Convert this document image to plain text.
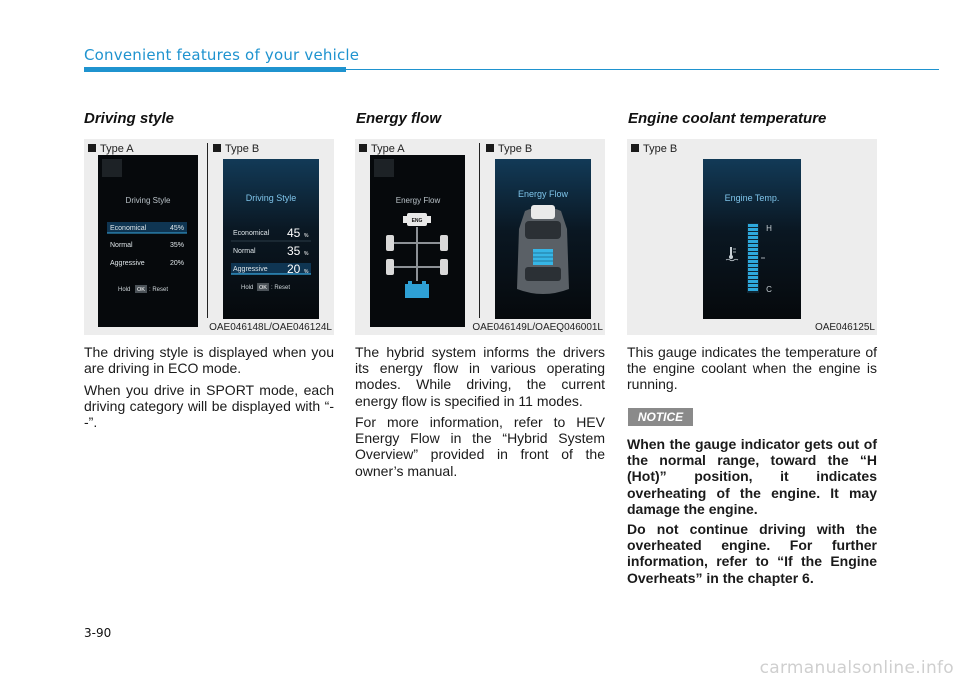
Convenient features of your vehicle
Driving style
Type A	Type B
Driving Style
Economical	45%
Normal	35%
Aggressive	20%
Hold OK : Reset
Driving Style
Economical 45 %
Normal	35 %
Aggressive 20 %
Hold OK : Reset
OAE046148L/OAE046124L
The driving style is displayed when you are driving in ECO mode.
When you drive in SPORT mode, each driving category will be displayed with “--”.
Energy flow
Type A	Type B
Energy Flow
ENG
Energy Flow
OAE046149L/OAEQ046001L
The hybrid system informs the drivers its energy flow in various operating modes. While driving, the current energy flow is specified in 11 modes.
For more information, refer to HEV Energy Flow in the “Hybrid System Overview” provided in front of the owner’s manual.
Engine coolant temperature
Type B
Engine Temp.
H
C
OAE046125L
This gauge indicates the temperature of the engine coolant when the engine is running.
NOTICE
When the gauge indicator gets out of the normal range, toward the “H (Hot)” position, it indicates overheating of the engine. It may damage the engine.
Do not continue driving with the overheated engine. For further information, refer to “If the Engine Overheats” in the chapter 6.
3-90
carmanualsonline.info
